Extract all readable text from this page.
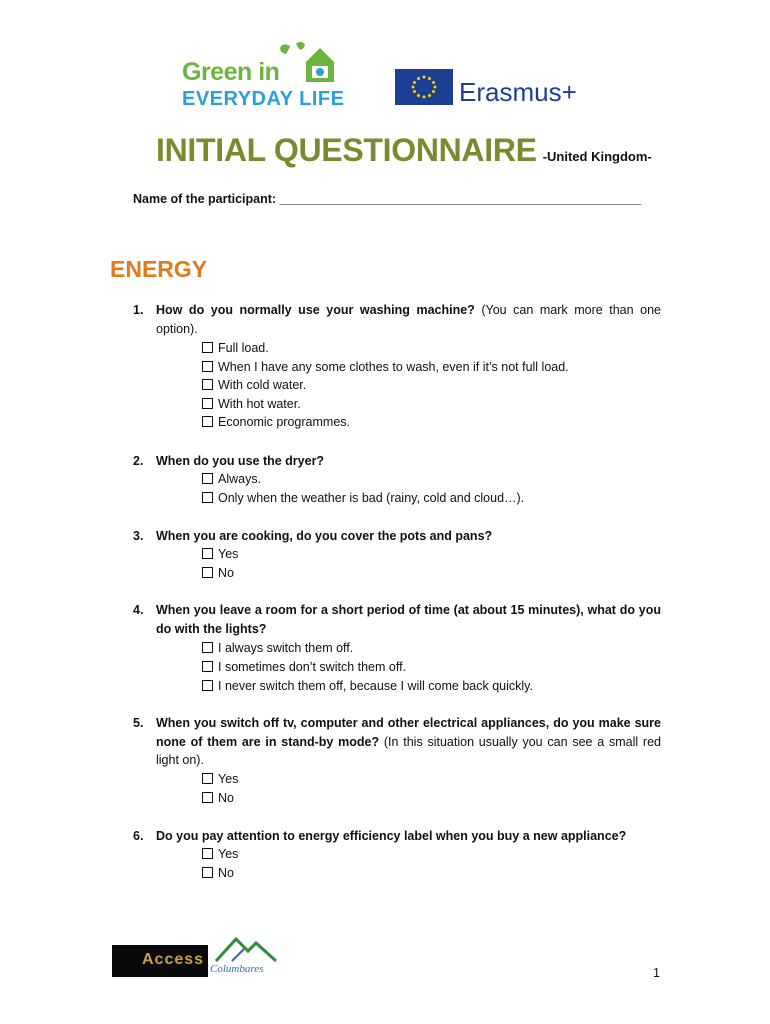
Green in
EVERYDAY LIFE	Erasmus+
INITIAL QUESTIONNAIRE -United Kingdom-
Name of the participant: ____________________________________________________
ENERGY
1. How do you normally use your washing machine? (You can mark more than one option).
Full load.
When I have any some clothes to wash, even if it’s not full load.
With cold water.
With hot water.
Economic programmes.
2. When do you use the dryer?
Always.
Only when the weather is bad (rainy, cold and cloud…).
3. When you are cooking, do you cover the pots and pans?
Yes
No
4. When you leave a room for a short period of time (at about 15 minutes), what do you do with the lights?
I always switch them off.
I sometimes don’t switch them off.
I never switch them off, because I will come back quickly.
5. When you switch off tv, computer and other electrical appliances, do you make sure none of them are in stand-by mode? (In this situation usually you can see a small red light on).
Yes
No
6. Do you pay attention to energy efficiency label when you buy a new appliance?
Yes
No
Access
Columbares	1
